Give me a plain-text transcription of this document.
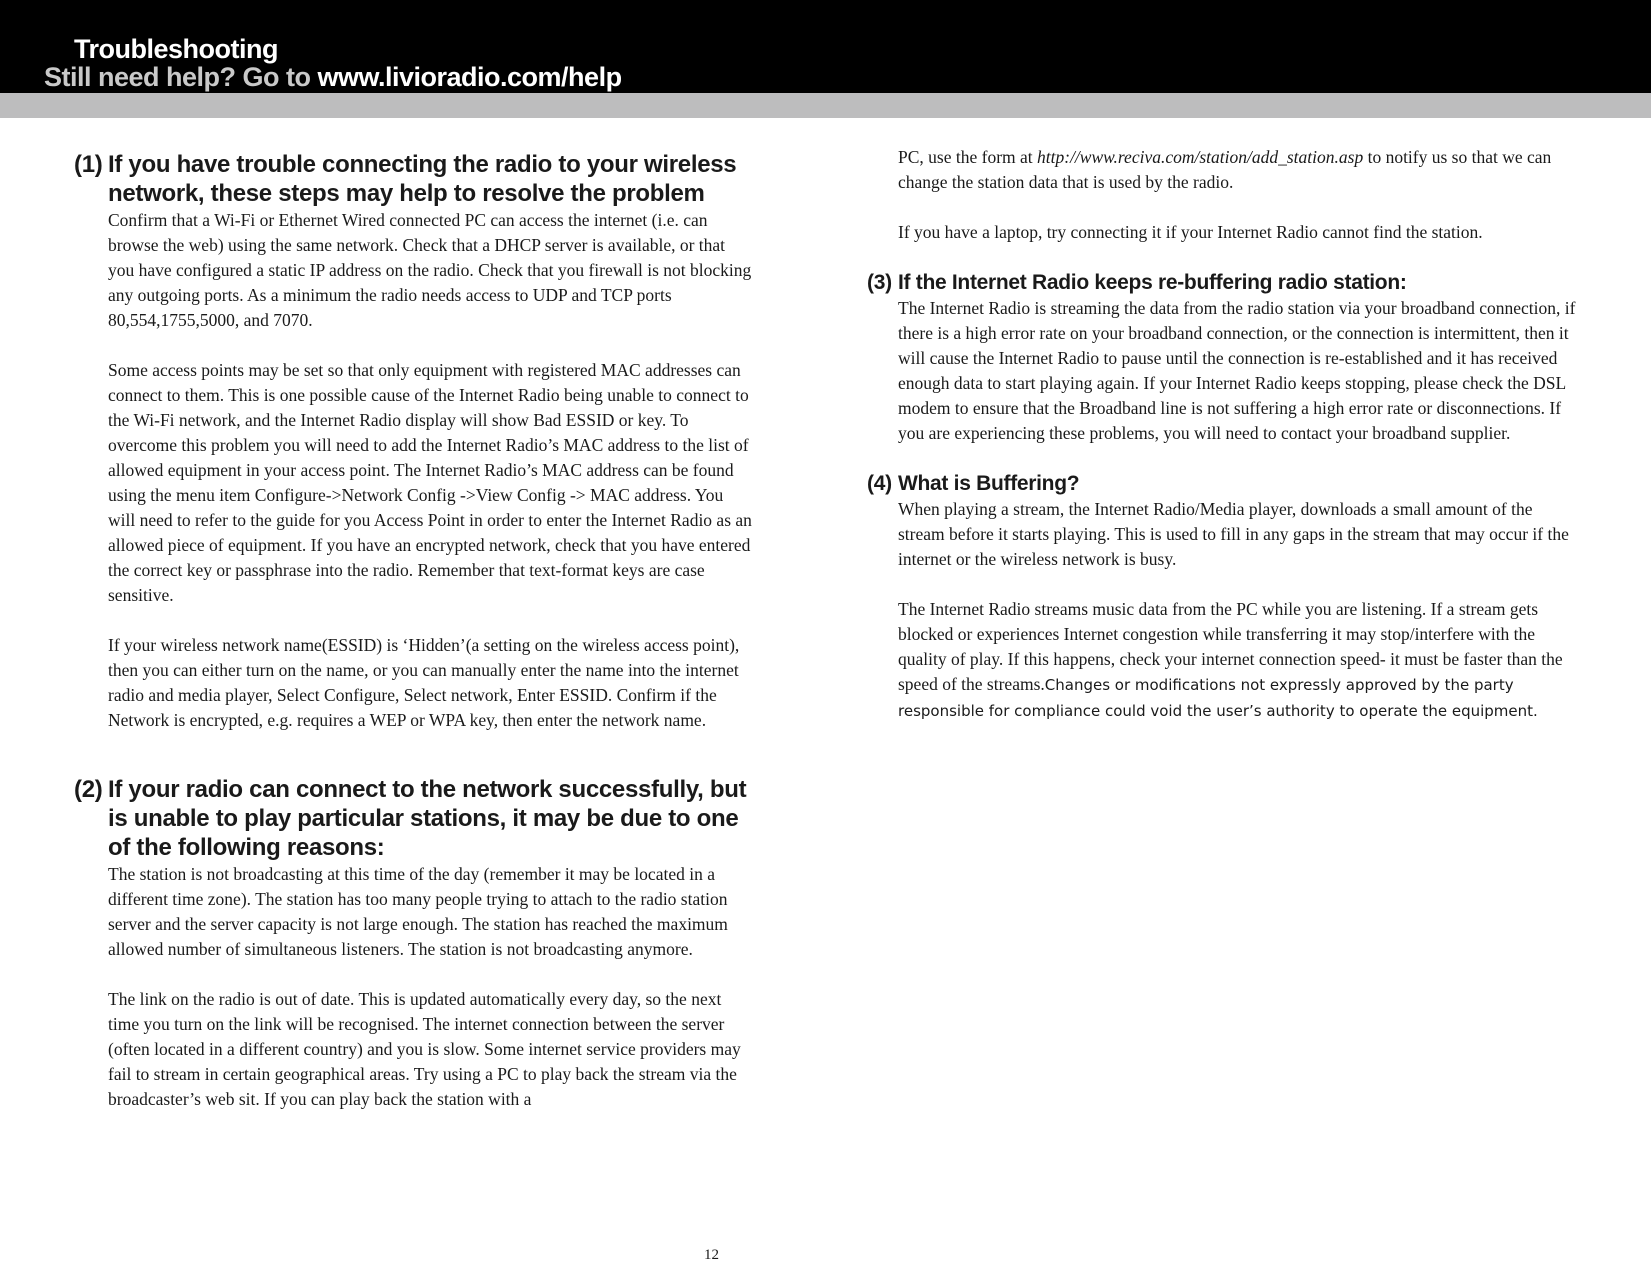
Troubleshooting
Still need help? Go to www.livioradio.com/help
(1) If you have trouble connecting the radio to your wireless network, these steps may help to resolve the problem

Confirm that a Wi-Fi or Ethernet Wired connected PC can access the internet (i.e. can browse the web) using the same network. Check that a DHCP server is available, or that you have configured a static IP address on the radio. Check that you firewall is not blocking any outgoing ports. As a minimum the radio needs access to UDP and TCP ports 80,554,1755,5000, and 7070.

Some access points may be set so that only equipment with registered MAC addresses can connect to them. This is one possible cause of the Internet Radio being unable to connect to the Wi-Fi network, and the Internet Radio display will show Bad ESSID or key. To overcome this problem you will need to add the Internet Radio’s MAC address to the list of allowed equipment in your access point. The Internet Radio’s MAC address can be found using the menu item Configure->Network Config ->View Config -> MAC address. You will need to refer to the guide for you Access Point in order to enter the Internet Radio as an allowed piece of equipment. If you have an encrypted network, check that you have entered the correct key or passphrase into the radio. Remember that text-format keys are case sensitive.

If your wireless network name(ESSID) is ‘Hidden’(a setting on the wireless access point), then you can either turn on the name, or you can manually enter the name into the internet radio and media player, Select Configure, Select network, Enter ESSID. Confirm if the Network is encrypted, e.g. requires a WEP or WPA key, then enter the network name.

(2) If your radio can connect to the network successfully, but is unable to play particular stations, it may be due to one of the following reasons:

The station is not broadcasting at this time of the day (remember it may be located in a different time zone). The station has too many people trying to attach to the radio station server and the server capacity is not large enough. The station has reached the maximum allowed number of simultaneous listeners. The station is not broadcasting anymore.

The link on the radio is out of date. This is updated automatically every day, so the next time you turn on the link will be recognised. The internet connection between the server (often located in a different country) and you is slow. Some internet service providers may fail to stream in certain geographical areas. Try using a PC to play back the stream via the broadcaster’s web sit. If you can play back the station with a

PC, use the form at http://www.reciva.com/station/add_station.asp to notify us so that we can change the station data that is used by the radio.

If you have a laptop, try connecting it if your Internet Radio cannot find the station.

(3) If the Internet Radio keeps re-buffering radio station:

The Internet Radio is streaming the data from the radio station via your broadband connection, if there is a high error rate on your broadband connection, or the connection is intermittent, then it will cause the Internet Radio to pause until the connection is re-established and it has received enough data to start playing again. If your Internet Radio keeps stopping, please check the DSL modem to ensure that the Broadband line is not suffering a high error rate or disconnections. If you are experiencing these problems, you will need to contact your broadband supplier.

(4) What is Buffering?

When playing a stream, the Internet Radio/Media player, downloads a small amount of the stream before it starts playing. This is used to fill in any gaps in the stream that may occur if the internet or the wireless network is busy.

The Internet Radio streams music data from the PC while you are listening. If a stream gets blocked or experiences Internet congestion while transferring it may stop/interfere with the quality of play. If this happens, check your internet connection speed- it must be faster than the speed of the streams.Changes or modifications not expressly approved by the party responsible for compliance could void the user’s authority to operate the equipment.

12
